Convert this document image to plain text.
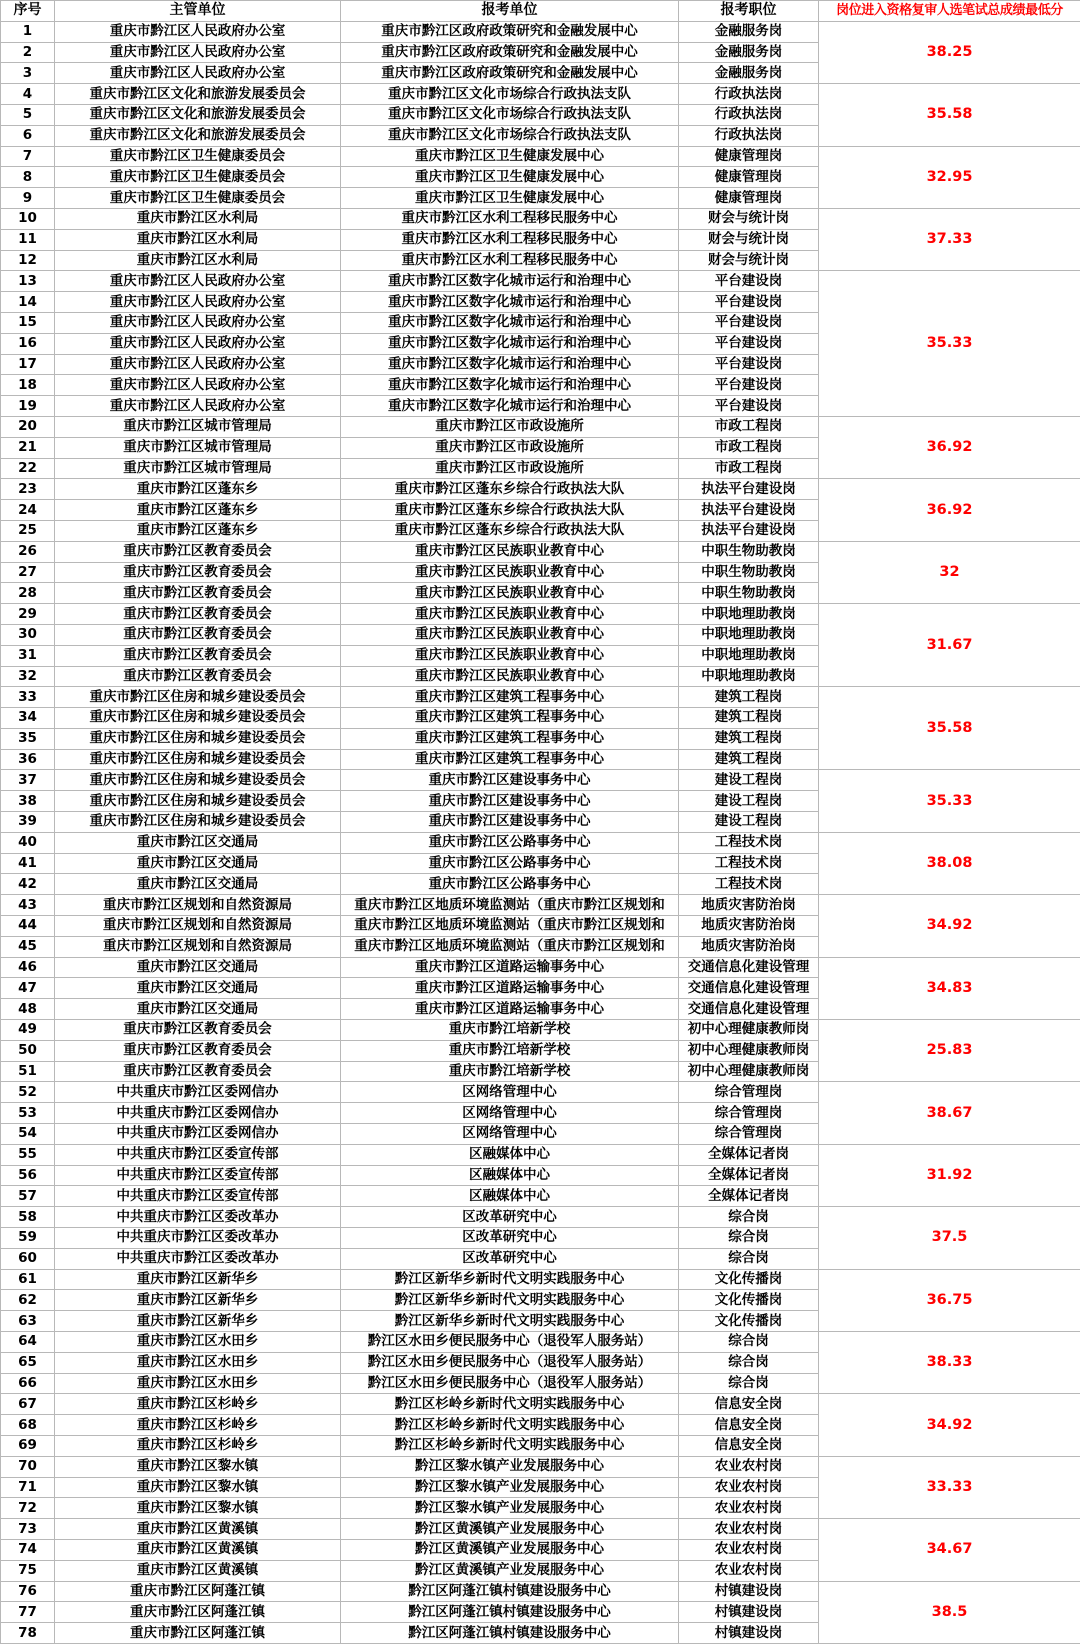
序号	主管单位	报考单位	报考职位	岗位进入资格复审人选笔试总成绩最低分
1	重庆市黔江区人民政府办公室	重庆市黔江区政府政策研究和金融发展中心	金融服务岗	38.25
2	重庆市黔江区人民政府办公室	重庆市黔江区政府政策研究和金融发展中心	金融服务岗	
3	重庆市黔江区人民政府办公室	重庆市黔江区政府政策研究和金融发展中心	金融服务岗	
4	重庆市黔江区文化和旅游发展委员会	重庆市黔江区文化市场综合行政执法支队	行政执法岗	35.58
5	重庆市黔江区文化和旅游发展委员会	重庆市黔江区文化市场综合行政执法支队	行政执法岗	
6	重庆市黔江区文化和旅游发展委员会	重庆市黔江区文化市场综合行政执法支队	行政执法岗	
7	重庆市黔江区卫生健康委员会	重庆市黔江区卫生健康发展中心	健康管理岗	32.95
8	重庆市黔江区卫生健康委员会	重庆市黔江区卫生健康发展中心	健康管理岗	
9	重庆市黔江区卫生健康委员会	重庆市黔江区卫生健康发展中心	健康管理岗	
10	重庆市黔江区水利局	重庆市黔江区水利工程移民服务中心	财会与统计岗	37.33
11	重庆市黔江区水利局	重庆市黔江区水利工程移民服务中心	财会与统计岗	
12	重庆市黔江区水利局	重庆市黔江区水利工程移民服务中心	财会与统计岗	
13	重庆市黔江区人民政府办公室	重庆市黔江区数字化城市运行和治理中心	平台建设岗	35.33
14	重庆市黔江区人民政府办公室	重庆市黔江区数字化城市运行和治理中心	平台建设岗	
15	重庆市黔江区人民政府办公室	重庆市黔江区数字化城市运行和治理中心	平台建设岗	
16	重庆市黔江区人民政府办公室	重庆市黔江区数字化城市运行和治理中心	平台建设岗	
17	重庆市黔江区人民政府办公室	重庆市黔江区数字化城市运行和治理中心	平台建设岗	
18	重庆市黔江区人民政府办公室	重庆市黔江区数字化城市运行和治理中心	平台建设岗	
19	重庆市黔江区人民政府办公室	重庆市黔江区数字化城市运行和治理中心	平台建设岗	
20	重庆市黔江区城市管理局	重庆市黔江区市政设施所	市政工程岗	36.92
21	重庆市黔江区城市管理局	重庆市黔江区市政设施所	市政工程岗	
22	重庆市黔江区城市管理局	重庆市黔江区市政设施所	市政工程岗	
23	重庆市黔江区蓬东乡	重庆市黔江区蓬东乡综合行政执法大队	执法平台建设岗	36.92
24	重庆市黔江区蓬东乡	重庆市黔江区蓬东乡综合行政执法大队	执法平台建设岗	
25	重庆市黔江区蓬东乡	重庆市黔江区蓬东乡综合行政执法大队	执法平台建设岗	
26	重庆市黔江区教育委员会	重庆市黔江区民族职业教育中心	中职生物助教岗	32
27	重庆市黔江区教育委员会	重庆市黔江区民族职业教育中心	中职生物助教岗	
28	重庆市黔江区教育委员会	重庆市黔江区民族职业教育中心	中职生物助教岗	
29	重庆市黔江区教育委员会	重庆市黔江区民族职业教育中心	中职地理助教岗	31.67
30	重庆市黔江区教育委员会	重庆市黔江区民族职业教育中心	中职地理助教岗	
31	重庆市黔江区教育委员会	重庆市黔江区民族职业教育中心	中职地理助教岗	
32	重庆市黔江区教育委员会	重庆市黔江区民族职业教育中心	中职地理助教岗	
33	重庆市黔江区住房和城乡建设委员会	重庆市黔江区建筑工程事务中心	建筑工程岗	35.58
34	重庆市黔江区住房和城乡建设委员会	重庆市黔江区建筑工程事务中心	建筑工程岗	
35	重庆市黔江区住房和城乡建设委员会	重庆市黔江区建筑工程事务中心	建筑工程岗	
36	重庆市黔江区住房和城乡建设委员会	重庆市黔江区建筑工程事务中心	建筑工程岗	
37	重庆市黔江区住房和城乡建设委员会	重庆市黔江区建设事务中心	建设工程岗	35.33
38	重庆市黔江区住房和城乡建设委员会	重庆市黔江区建设事务中心	建设工程岗	
39	重庆市黔江区住房和城乡建设委员会	重庆市黔江区建设事务中心	建设工程岗	
40	重庆市黔江区交通局	重庆市黔江区公路事务中心	工程技术岗	38.08
41	重庆市黔江区交通局	重庆市黔江区公路事务中心	工程技术岗	
42	重庆市黔江区交通局	重庆市黔江区公路事务中心	工程技术岗	
43	重庆市黔江区规划和自然资源局	重庆市黔江区地质环境监测站（重庆市黔江区规划和	地质灾害防治岗	34.92
44	重庆市黔江区规划和自然资源局	重庆市黔江区地质环境监测站（重庆市黔江区规划和	地质灾害防治岗	
45	重庆市黔江区规划和自然资源局	重庆市黔江区地质环境监测站（重庆市黔江区规划和	地质灾害防治岗	
46	重庆市黔江区交通局	重庆市黔江区道路运输事务中心	交通信息化建设管理	34.83
47	重庆市黔江区交通局	重庆市黔江区道路运输事务中心	交通信息化建设管理	
48	重庆市黔江区交通局	重庆市黔江区道路运输事务中心	交通信息化建设管理	
49	重庆市黔江区教育委员会	重庆市黔江培新学校	初中心理健康教师岗	25.83
50	重庆市黔江区教育委员会	重庆市黔江培新学校	初中心理健康教师岗	
51	重庆市黔江区教育委员会	重庆市黔江培新学校	初中心理健康教师岗	
52	中共重庆市黔江区委网信办	区网络管理中心	综合管理岗	38.67
53	中共重庆市黔江区委网信办	区网络管理中心	综合管理岗	
54	中共重庆市黔江区委网信办	区网络管理中心	综合管理岗	
55	中共重庆市黔江区委宣传部	区融媒体中心	全媒体记者岗	31.92
56	中共重庆市黔江区委宣传部	区融媒体中心	全媒体记者岗	
57	中共重庆市黔江区委宣传部	区融媒体中心	全媒体记者岗	
58	中共重庆市黔江区委改革办	区改革研究中心	综合岗	37.5
59	中共重庆市黔江区委改革办	区改革研究中心	综合岗	
60	中共重庆市黔江区委改革办	区改革研究中心	综合岗	
61	重庆市黔江区新华乡	黔江区新华乡新时代文明实践服务中心	文化传播岗	36.75
62	重庆市黔江区新华乡	黔江区新华乡新时代文明实践服务中心	文化传播岗	
63	重庆市黔江区新华乡	黔江区新华乡新时代文明实践服务中心	文化传播岗	
64	重庆市黔江区水田乡	黔江区水田乡便民服务中心（退役军人服务站）	综合岗	38.33
65	重庆市黔江区水田乡	黔江区水田乡便民服务中心（退役军人服务站）	综合岗	
66	重庆市黔江区水田乡	黔江区水田乡便民服务中心（退役军人服务站）	综合岗	
67	重庆市黔江区杉岭乡	黔江区杉岭乡新时代文明实践服务中心	信息安全岗	34.92
68	重庆市黔江区杉岭乡	黔江区杉岭乡新时代文明实践服务中心	信息安全岗	
69	重庆市黔江区杉岭乡	黔江区杉岭乡新时代文明实践服务中心	信息安全岗	
70	重庆市黔江区黎水镇	黔江区黎水镇产业发展服务中心	农业农村岗	33.33
71	重庆市黔江区黎水镇	黔江区黎水镇产业发展服务中心	农业农村岗	
72	重庆市黔江区黎水镇	黔江区黎水镇产业发展服务中心	农业农村岗	
73	重庆市黔江区黄溪镇	黔江区黄溪镇产业发展服务中心	农业农村岗	34.67
74	重庆市黔江区黄溪镇	黔江区黄溪镇产业发展服务中心	农业农村岗	
75	重庆市黔江区黄溪镇	黔江区黄溪镇产业发展服务中心	农业农村岗	
76	重庆市黔江区阿蓬江镇	黔江区阿蓬江镇村镇建设服务中心	村镇建设岗	38.5
77	重庆市黔江区阿蓬江镇	黔江区阿蓬江镇村镇建设服务中心	村镇建设岗	
78	重庆市黔江区阿蓬江镇	黔江区阿蓬江镇村镇建设服务中心	村镇建设岗	
